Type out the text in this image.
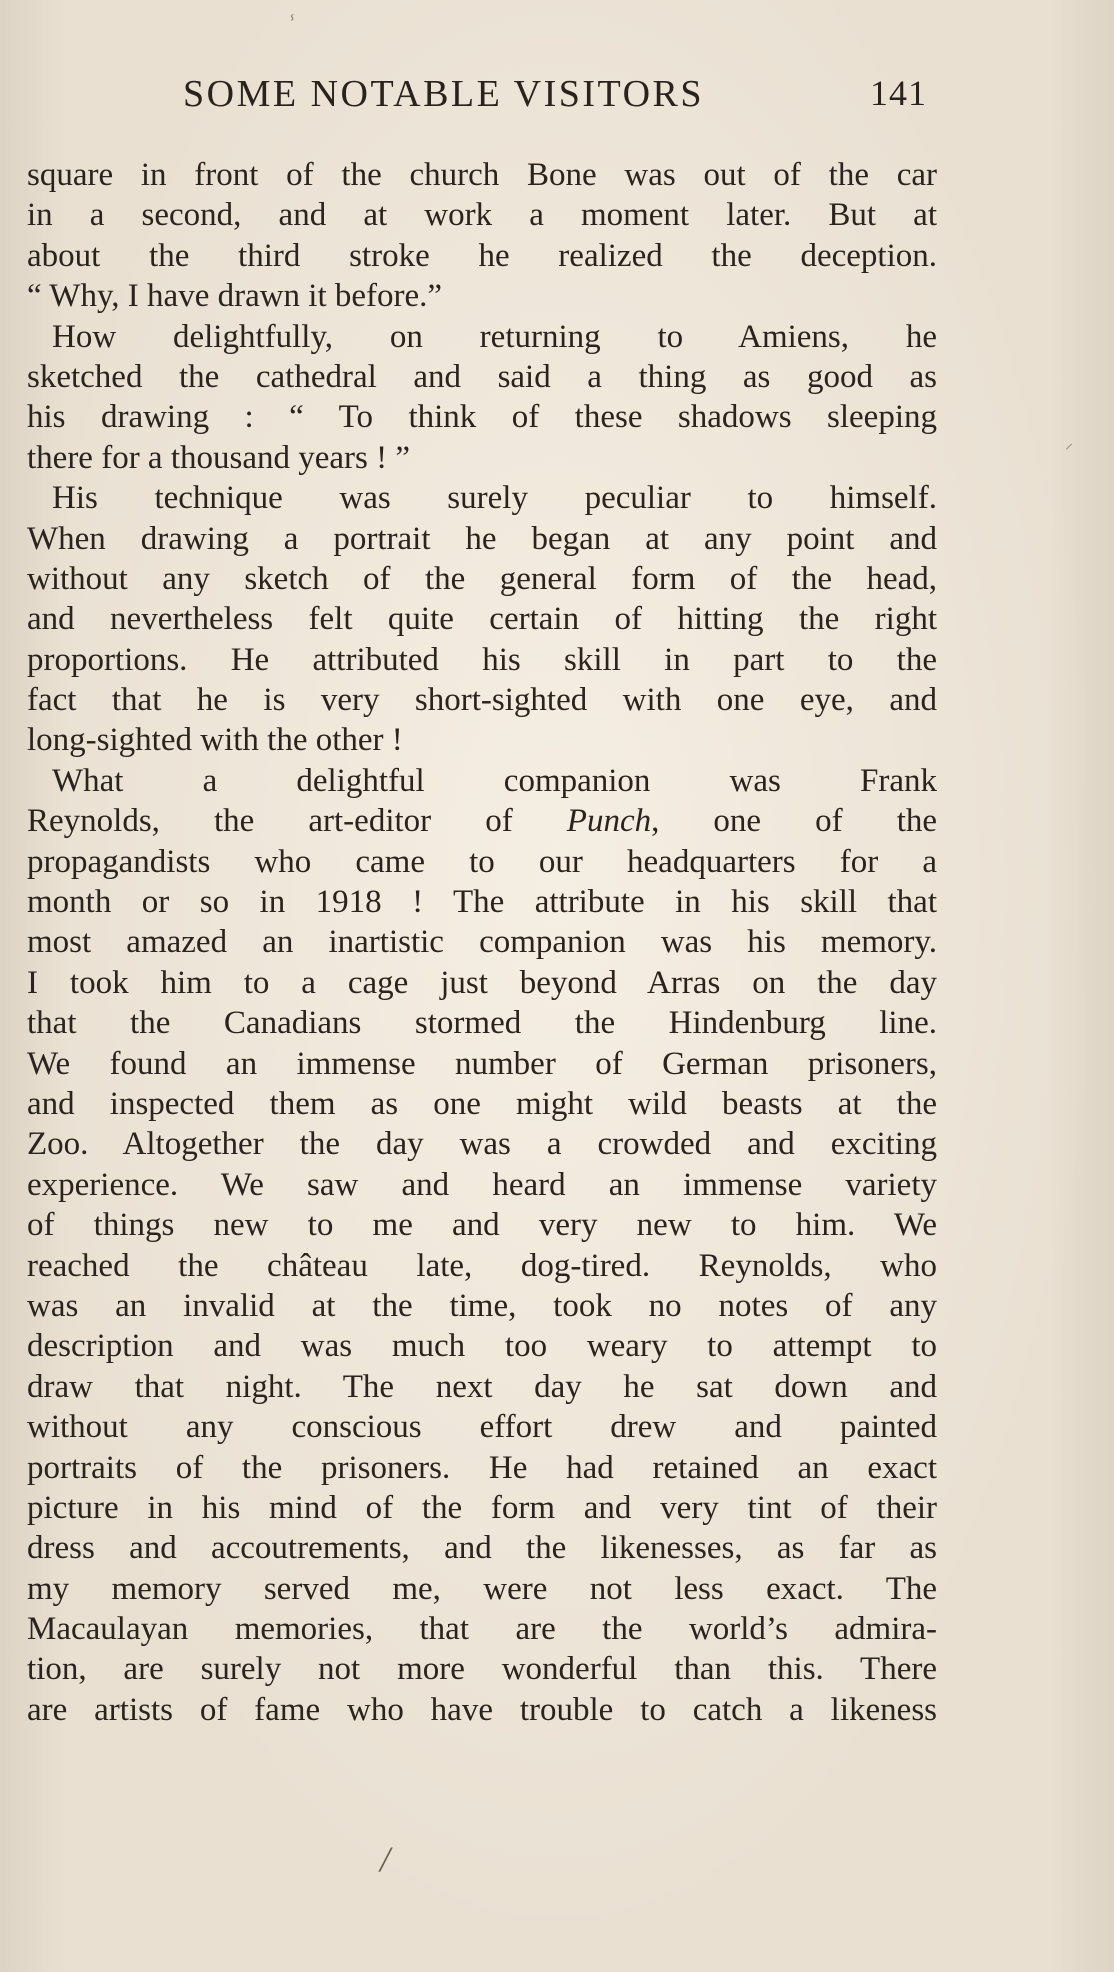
ⸯ
⸍
SOME NOTABLE VISITORS	141
square in front of the church Bone was out of the car
in a second, and at work a moment later. But at
about the third stroke he realized the deception.
“ Why, I have drawn it before.”
How delightfully, on returning to Amiens, he
sketched the cathedral and said a thing as good as
his drawing : “ To think of these shadows sleeping
there for a thousand years ! ”
His technique was surely peculiar to himself.
When drawing a portrait he began at any point and
without any sketch of the general form of the head,
and nevertheless felt quite certain of hitting the right
proportions. He attributed his skill in part to the
fact that he is very short-sighted with one eye, and
long-sighted with the other !
What a delightful companion was Frank
Reynolds, the art-editor of Punch, one of the
propagandists who came to our headquarters for a
month or so in 1918 ! The attribute in his skill that
most amazed an inartistic companion was his memory.
I took him to a cage just beyond Arras on the day
that the Canadians stormed the Hindenburg line.
We found an immense number of German prisoners,
and inspected them as one might wild beasts at the
Zoo. Altogether the day was a crowded and exciting
experience. We saw and heard an immense variety
of things new to me and very new to him. We
reached the château late, dog-tired. Reynolds, who
was an invalid at the time, took no notes of any
description and was much too weary to attempt to
draw that night. The next day he sat down and
without any conscious effort drew and painted
portraits of the prisoners. He had retained an exact
picture in his mind of the form and very tint of their
dress and accoutrements, and the likenesses, as far as
my memory served me, were not less exact. The
Macaulayan memories, that are the world’s admira-
tion, are surely not more wonderful than this. There
are artists of fame who have trouble to catch a likeness
/
